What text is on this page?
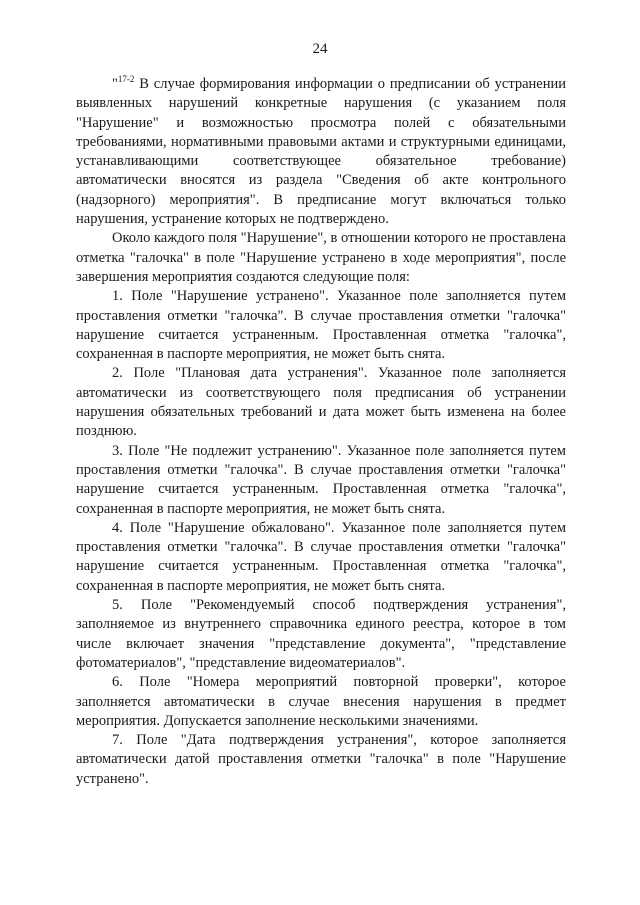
24

"$^{17-2}$ В случае формирования информации о предписании об устранении выявленных нарушений конкретные нарушения (с указанием поля "Нарушение" и возможностью просмотра полей с обязательными требованиями, нормативными правовыми актами и структурными единицами, устанавливающими соответствующее обязательное требование) автоматически вносятся из раздела "Сведения об акте контрольного (надзорного) мероприятия". В предписание могут включаться только нарушения, устранение которых не подтверждено.

Около каждого поля "Нарушение", в отношении которого не проставлена отметка "галочка" в поле "Нарушение устранено в ходе мероприятия", после завершения мероприятия создаются следующие поля:

1. Поле "Нарушение устранено". Указанное поле заполняется путем проставления отметки "галочка". В случае проставления отметки "галочка" нарушение считается устраненным. Проставленная отметка "галочка", сохраненная в паспорте мероприятия, не может быть снята.

2. Поле "Плановая дата устранения". Указанное поле заполняется автоматически из соответствующего поля предписания об устранении нарушения обязательных требований и дата может быть изменена на более позднюю.

3. Поле "Не подлежит устранению". Указанное поле заполняется путем проставления отметки "галочка". В случае проставления отметки "галочка" нарушение считается устраненным. Проставленная отметка "галочка", сохраненная в паспорте мероприятия, не может быть снята.

4. Поле "Нарушение обжаловано". Указанное поле заполняется путем проставления отметки "галочка". В случае проставления отметки "галочка" нарушение считается устраненным. Проставленная отметка "галочка", сохраненная в паспорте мероприятия, не может быть снята.

5. Поле "Рекомендуемый способ подтверждения устранения", заполняемое из внутреннего справочника единого реестра, которое в том числе включает значения "представление документа", "представление фотоматериалов", "представление видеоматериалов".

6. Поле "Номера мероприятий повторной проверки", которое заполняется автоматически в случае внесения нарушения в предмет мероприятия. Допускается заполнение несколькими значениями.

7. Поле "Дата подтверждения устранения", которое заполняется автоматически датой проставления отметки "галочка" в поле "Нарушение устранено".
